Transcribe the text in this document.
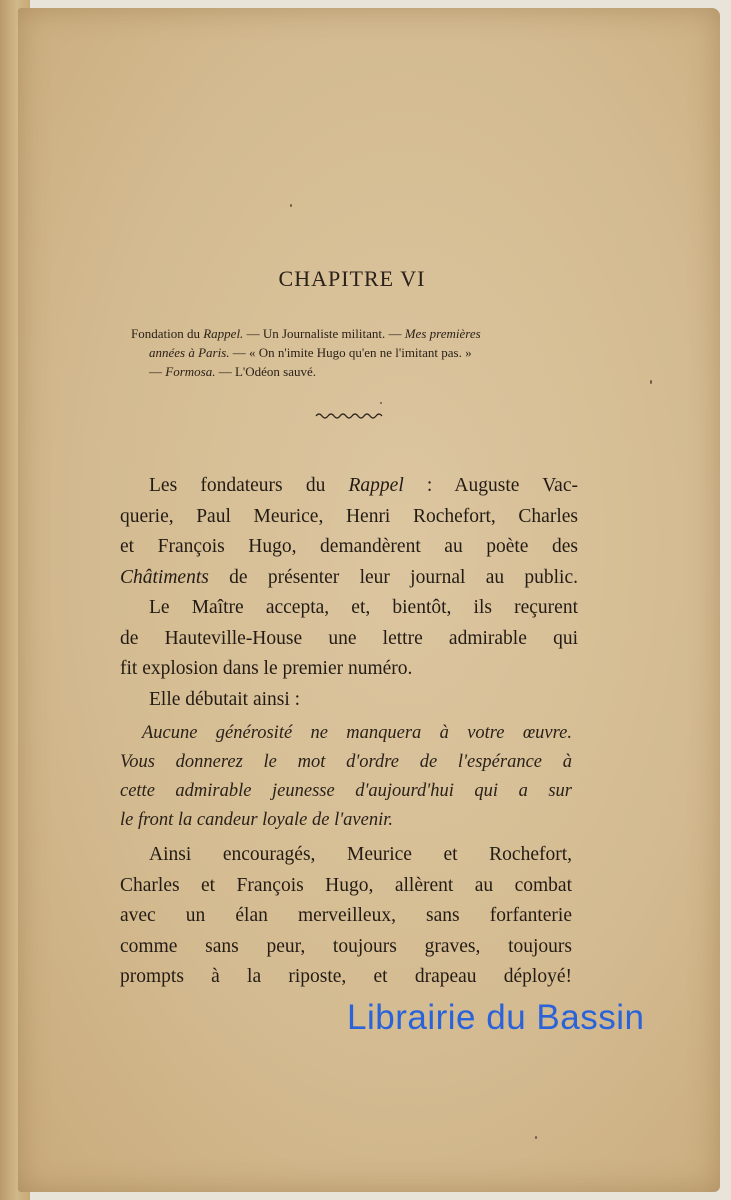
CHAPITRE VI
Fondation du Rappel. — Un Journaliste militant. — Mes premières
années à Paris. — « On n'imite Hugo qu'en ne l'imitant pas. »
— Formosa. — L'Odéon sauvé.
Les fondateurs du Rappel : Auguste Vac-
querie, Paul Meurice, Henri Rochefort, Charles
et François Hugo, demandèrent au poète des
Châtiments de présenter leur journal au public.
Le Maître accepta, et, bientôt, ils reçurent
de Hauteville-House une lettre admirable qui
fit explosion dans le premier numéro.
Elle débutait ainsi :
Aucune générosité ne manquera à votre œuvre.
Vous donnerez le mot d'ordre de l'espérance à
cette admirable jeunesse d'aujourd'hui qui a sur
le front la candeur loyale de l'avenir.
Ainsi encouragés, Meurice et Rochefort,
Charles et François Hugo, allèrent au combat
avec un élan merveilleux, sans forfanterie
comme sans peur, toujours graves, toujours
prompts à la riposte, et drapeau déployé!
Librairie du Bassin
